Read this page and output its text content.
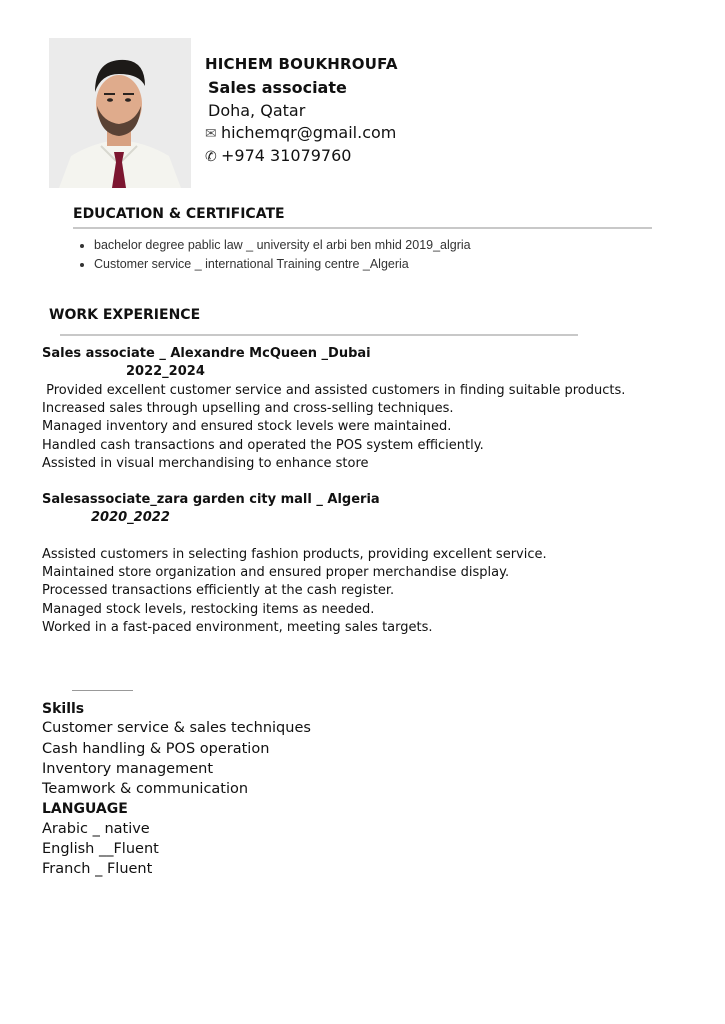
HICHEM BOUKHROUFA
Sales associate
Doha, Qatar
✉ hichemqr@gmail.com
✆ +974 31079760
EDUCATION & CERTIFICATE
• bachelor degree pablic law _ university el arbi ben mhid 2019_algria
• Customer service _ international Training centre _Algeria
WORK EXPERIENCE
Sales associate _ Alexandre McQueen _Dubai
2022_2024
Provided excellent customer service and assisted customers in finding suitable products.
Increased sales through upselling and cross-selling techniques.
Managed inventory and ensured stock levels were maintained.
Handled cash transactions and operated the POS system efficiently.
Assisted in visual merchandising to enhance store
Salesassociate_zara garden city mall _ Algeria
2020_2022
Assisted customers in selecting fashion products, providing excellent service.
Maintained store organization and ensured proper merchandise display.
Processed transactions efficiently at the cash register.
Managed stock levels, restocking items as needed.
Worked in a fast-paced environment, meeting sales targets.
Skills
Customer service & sales techniques
Cash handling & POS operation
Inventory management
Teamwork & communication
LANGUAGE
Arabic _ native
English __Fluent
Franch _ Fluent
